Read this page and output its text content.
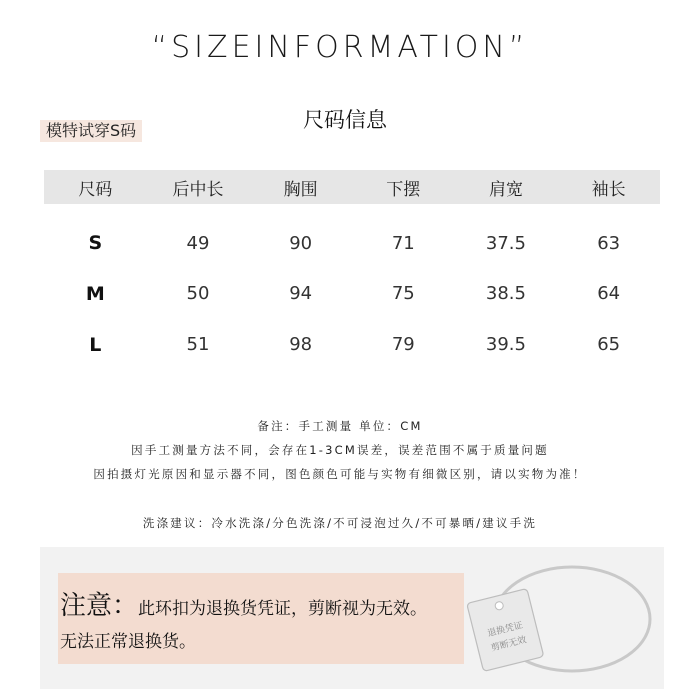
“SIZEINFORMATION”
尺码信息
模特试穿S码
尺码	后中长	胸围	下摆	肩宽	袖长
S	49	90	71	37.5	63
M	50	94	75	38.5	64
L	51	98	79	39.5	65
备注：手工测量 单位：CM
因手工测量方法不同，会存在1-3CM误差，误差范围不属于质量问题
因拍摄灯光原因和显示器不同，图色颜色可能与实物有细微区别，请以实物为准！
洗涤建议：冷水洗涤/分色洗涤/不可浸泡过久/不可暴晒/建议手洗
注意：此环扣为退换货凭证，剪断视为无效。
无法正常退换货。
退换凭证
剪断无效
